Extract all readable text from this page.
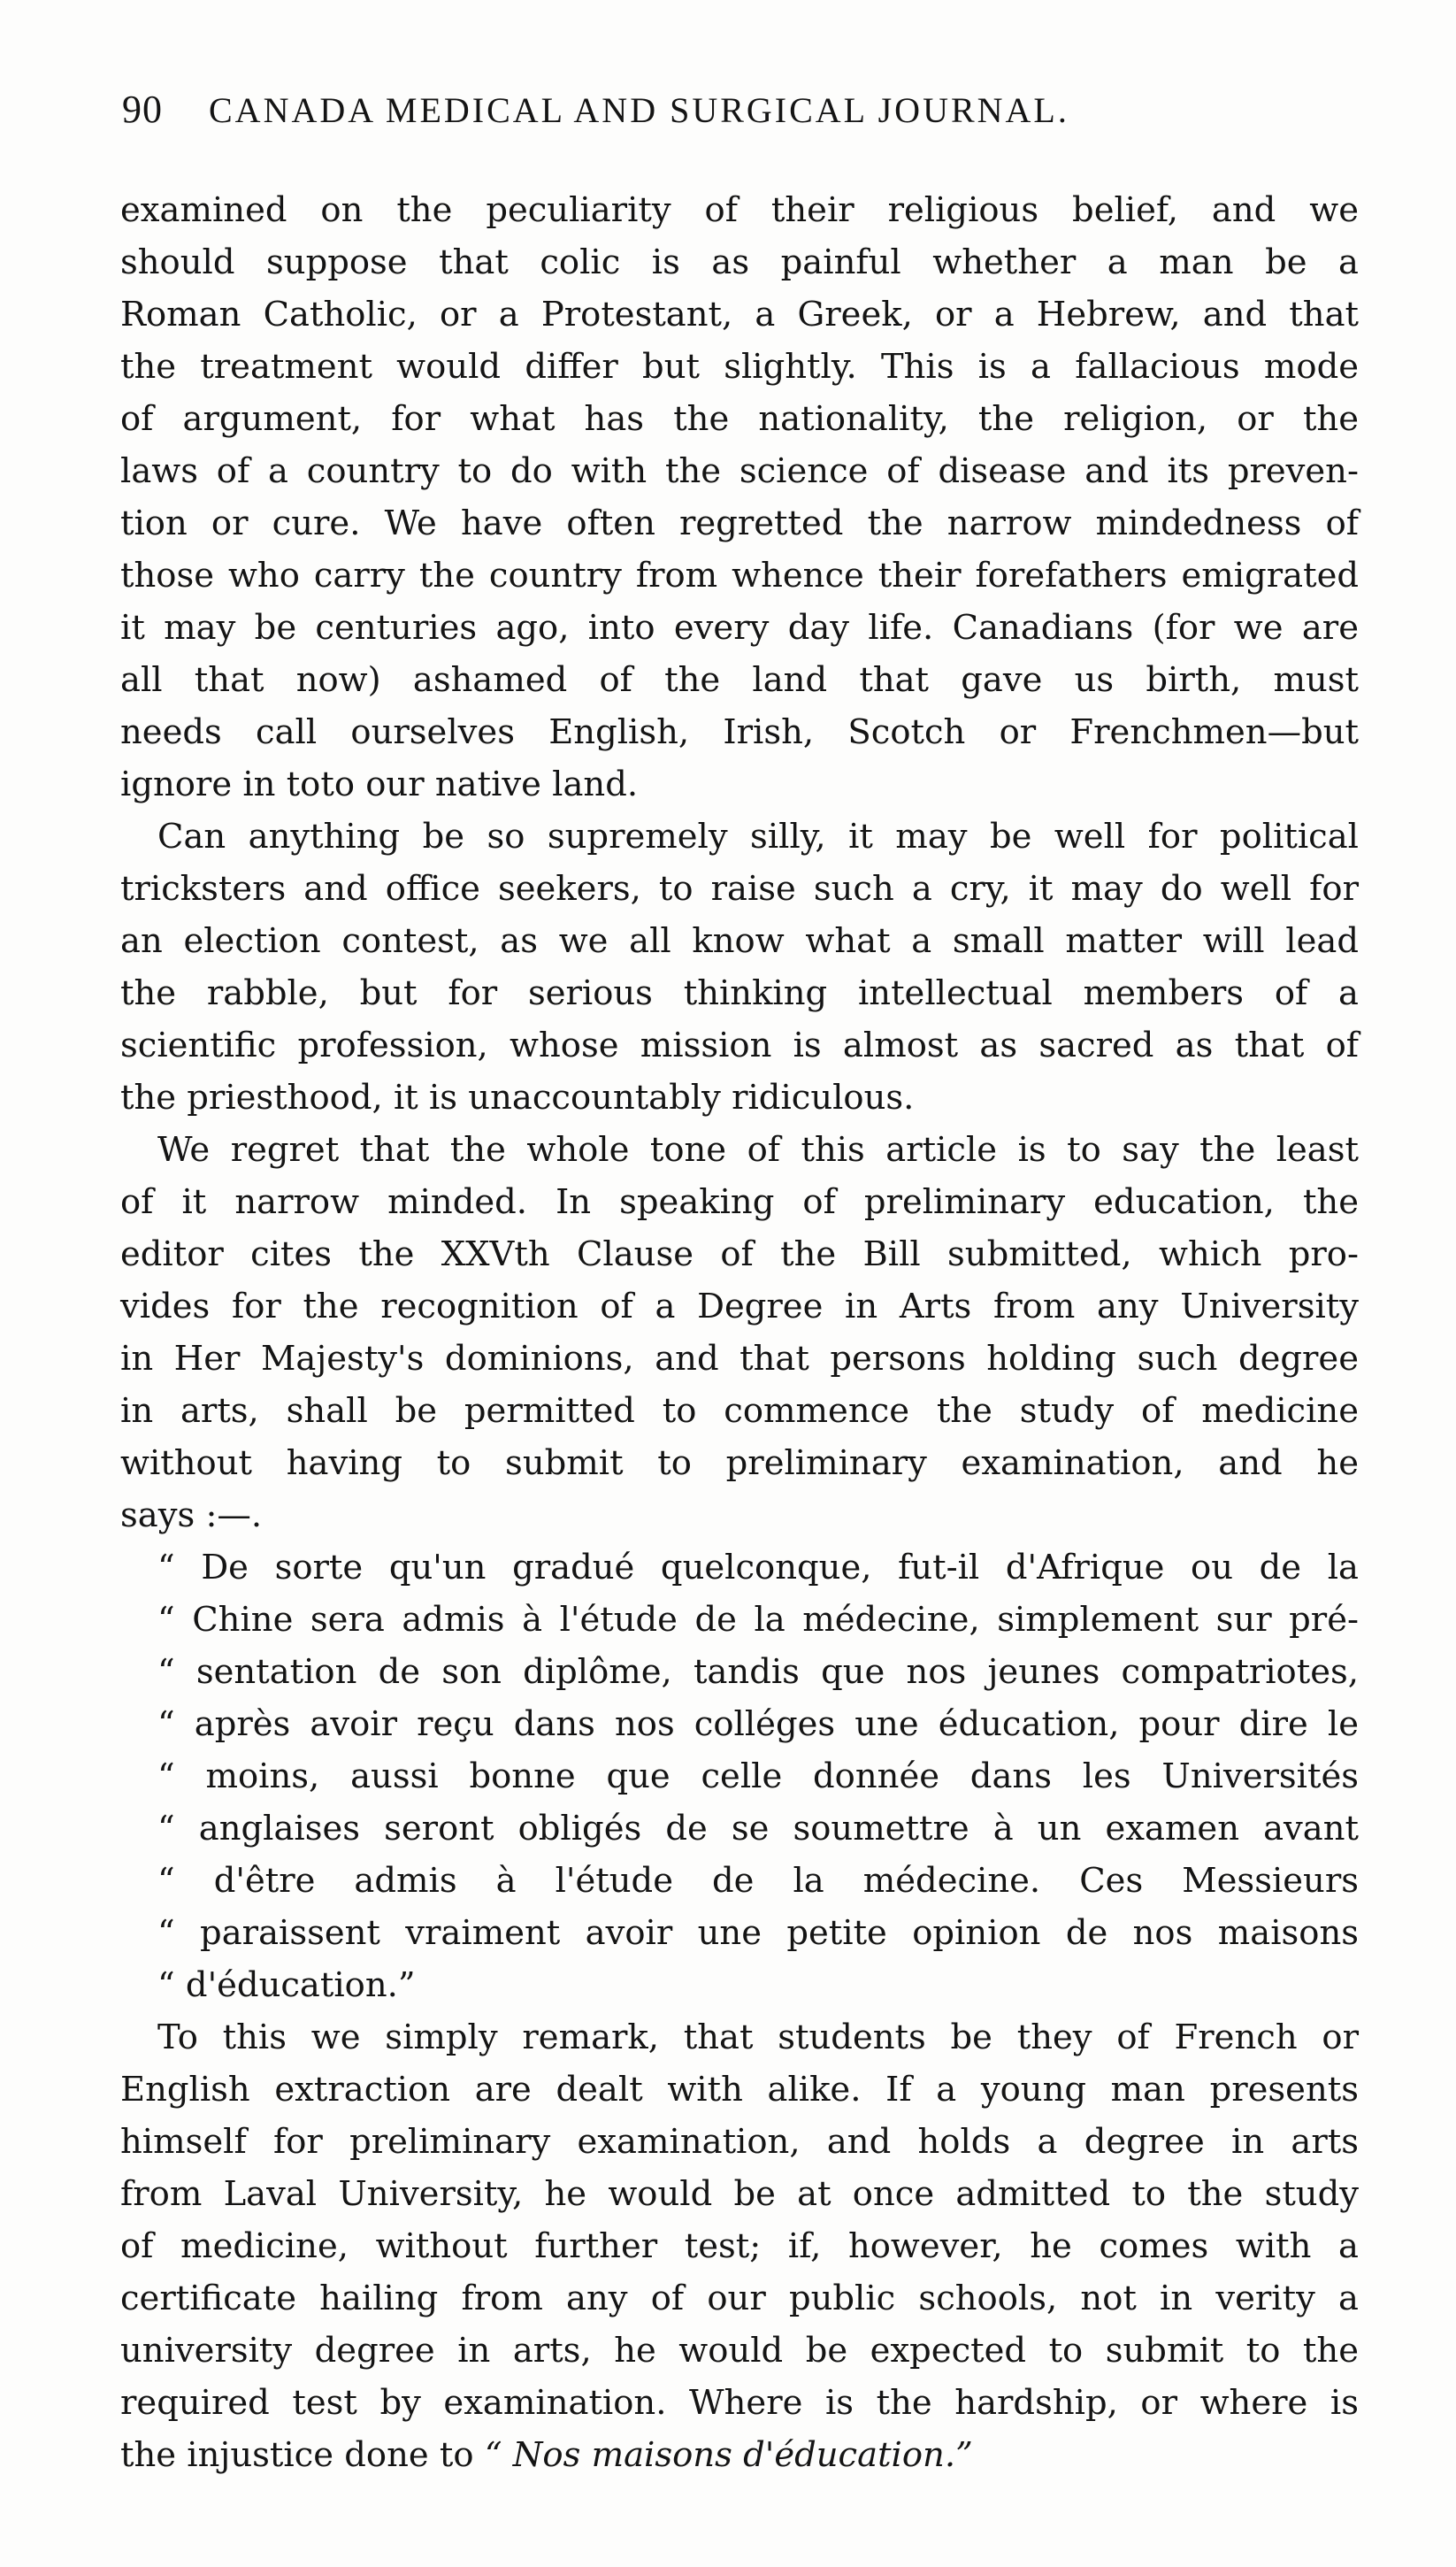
90 CANADA MEDICAL AND SURGICAL JOURNAL.
examined on the peculiarity of their religious belief, and we
should suppose that colic is as painful whether a man be a
Roman Catholic, or a Protestant, a Greek, or a Hebrew, and that
the treatment would differ but slightly. This is a fallacious mode
of argument, for what has the nationality, the religion, or the
laws of a country to do with the science of disease and its preven-
tion or cure. We have often regretted the narrow mindedness of
those who carry the country from whence their forefathers emigrated
it may be centuries ago, into every day life. Canadians (for we are
all that now) ashamed of the land that gave us birth, must
needs call ourselves English, Irish, Scotch or Frenchmen—but
ignore in toto our native land.
Can anything be so supremely silly, it may be well for political
tricksters and office seekers, to raise such a cry, it may do well for
an election contest, as we all know what a small matter will lead
the rabble, but for serious thinking intellectual members of a
scientific profession, whose mission is almost as sacred as that of
the priesthood, it is unaccountably ridiculous.
We regret that the whole tone of this article is to say the least
of it narrow minded. In speaking of preliminary education, the
editor cites the XXVth Clause of the Bill submitted, which pro-
vides for the recognition of a Degree in Arts from any University
in Her Majesty's dominions, and that persons holding such degree
in arts, shall be permitted to commence the study of medicine
without having to submit to preliminary examination, and he
says :—.
“ De sorte qu'un gradué quelconque, fut-il d'Afrique ou de la
“ Chine sera admis à l'étude de la médecine, simplement sur pré-
“ sentation de son diplôme, tandis que nos jeunes compatriotes,
“ après avoir reçu dans nos colléges une éducation, pour dire le
“ moins, aussi bonne que celle donnée dans les Universités
“ anglaises seront obligés de se soumettre à un examen avant
“ d'être admis à l'étude de la médecine. Ces Messieurs
“ paraissent vraiment avoir une petite opinion de nos maisons
“ d'éducation.”
To this we simply remark, that students be they of French or
English extraction are dealt with alike. If a young man presents
himself for preliminary examination, and holds a degree in arts
from Laval University, he would be at once admitted to the study
of medicine, without further test; if, however, he comes with a
certificate hailing from any of our public schools, not in verity a
university degree in arts, he would be expected to submit to the
required test by examination. Where is the hardship, or where is
the injustice done to “ Nos maisons d'éducation.”
